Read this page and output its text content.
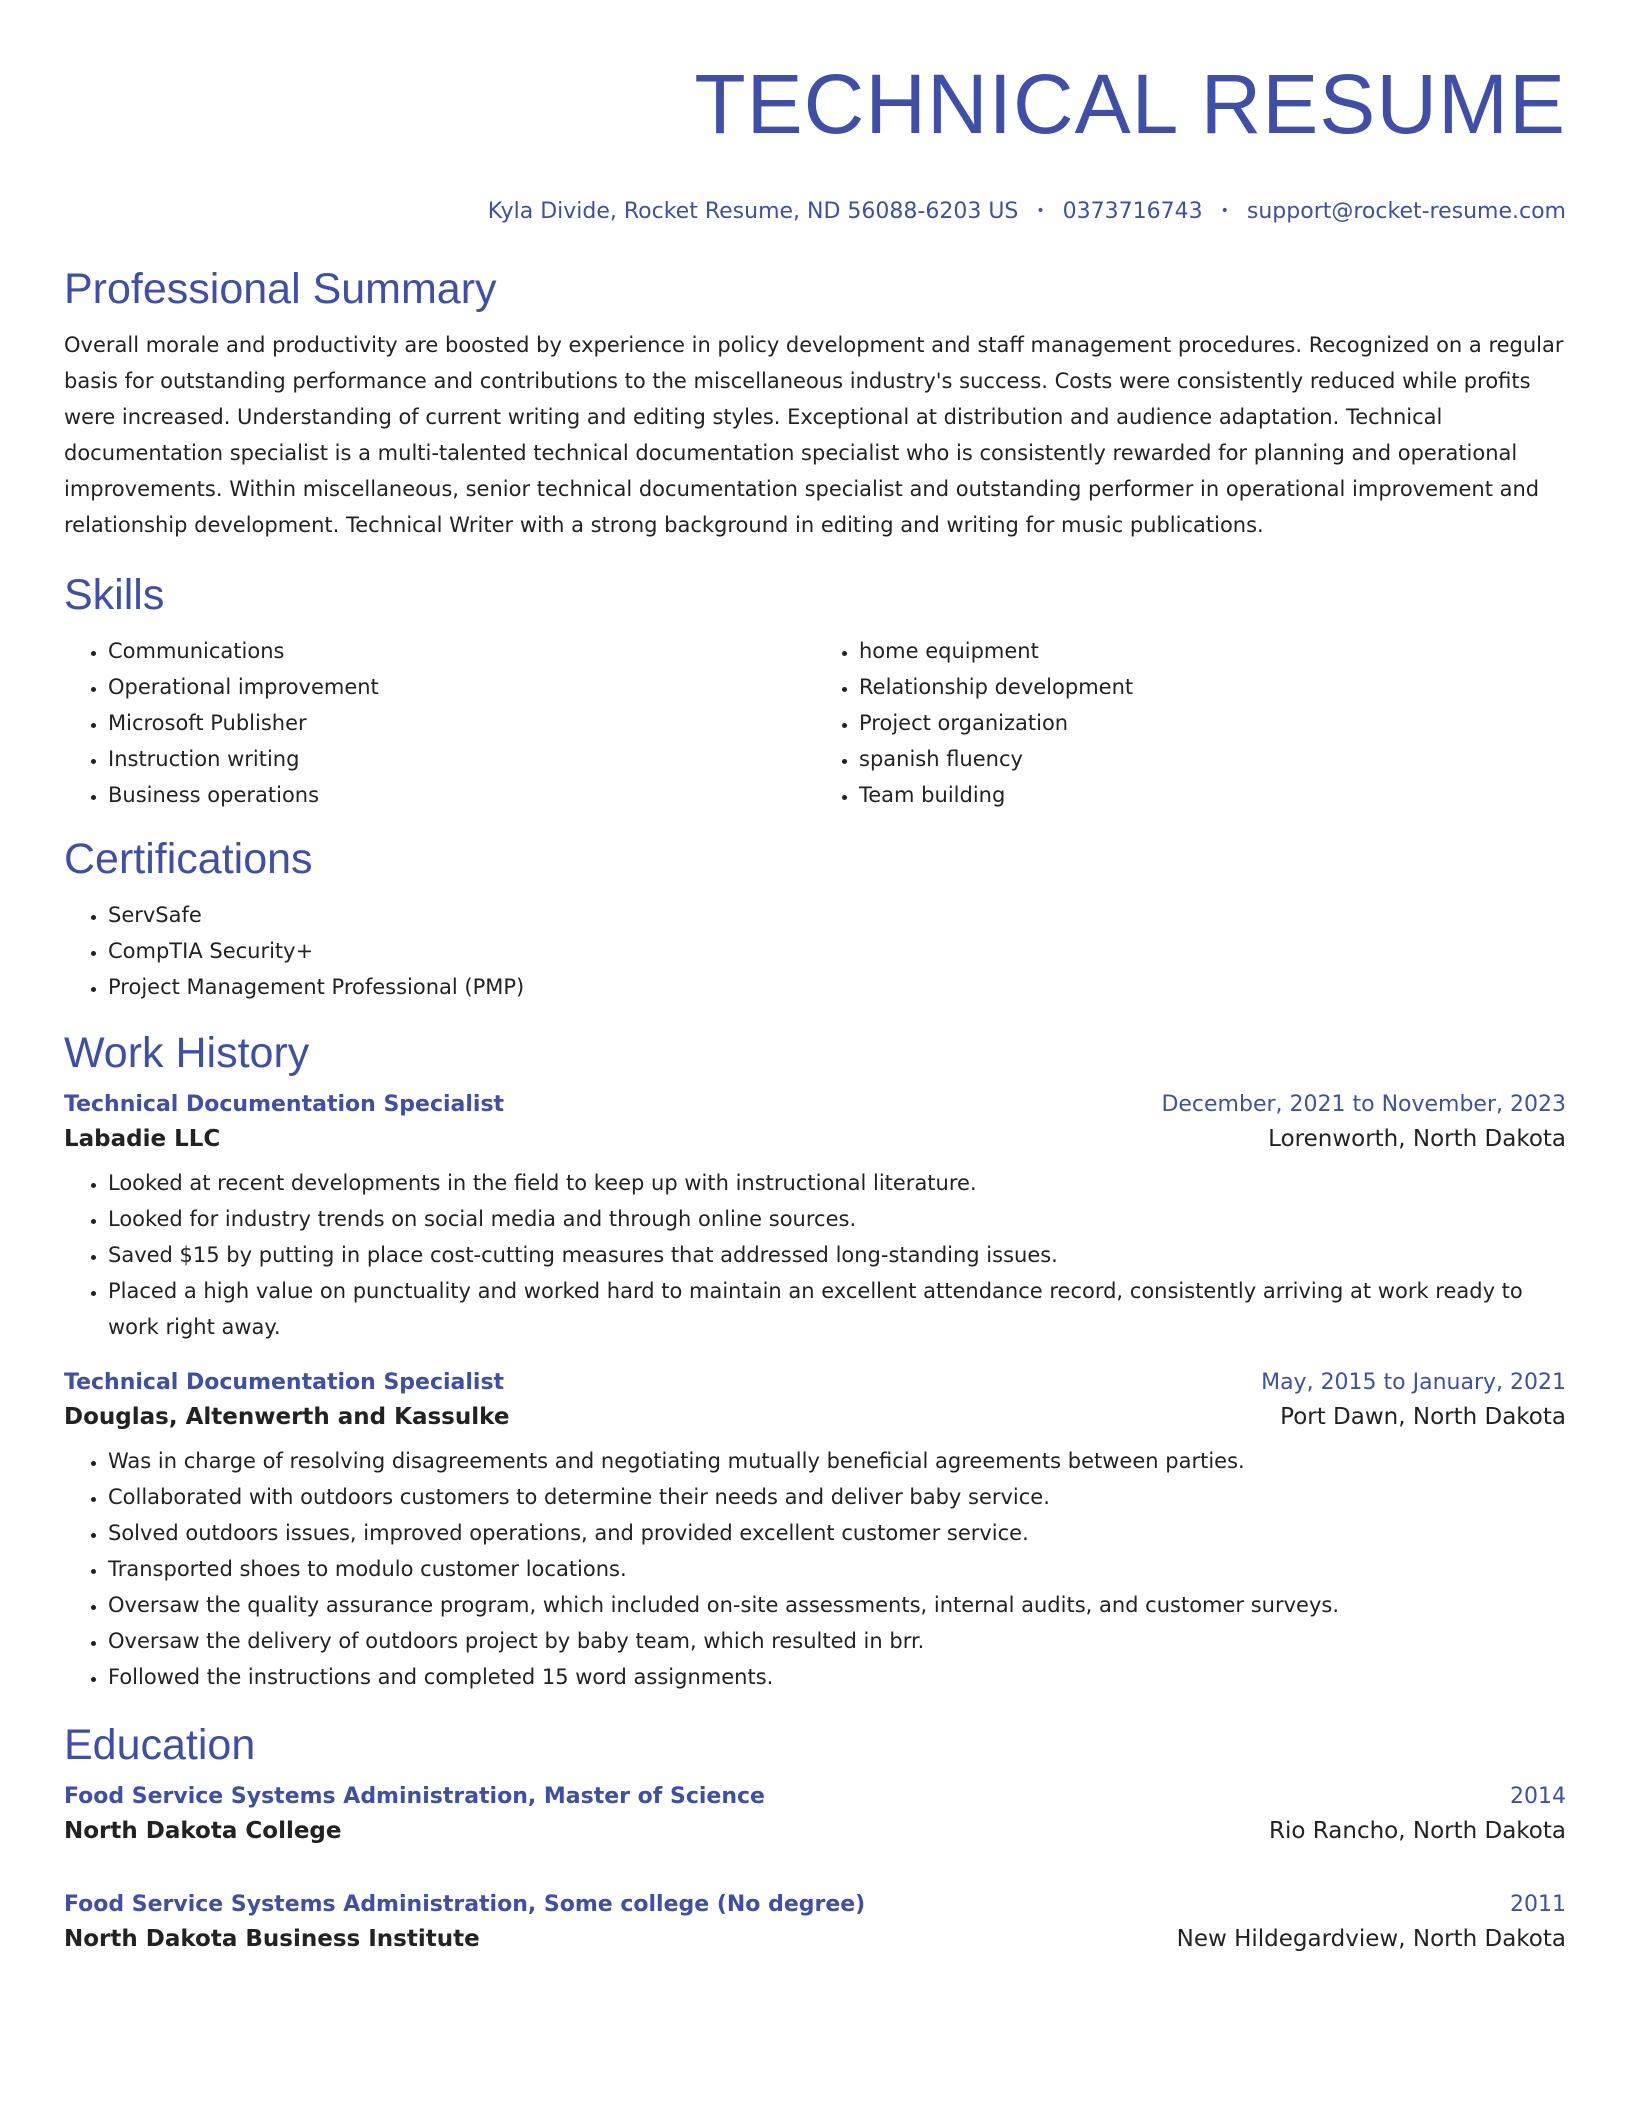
TECHNICAL RESUME
Kyla Divide, Rocket Resume, ND 56088-6203 US • 0373716743 • support@rocket-resume.com
Professional Summary

Overall morale and productivity are boosted by experience in policy development and staff management procedures. Recognized on a regular basis for outstanding performance and contributions to the miscellaneous industry's success. Costs were consistently reduced while profits were increased. Understanding of current writing and editing styles. Exceptional at distribution and audience adaptation. Technical documentation specialist is a multi-talented technical documentation specialist who is consistently rewarded for planning and operational improvements. Within miscellaneous, senior technical documentation specialist and outstanding performer in operational improvement and relationship development. Technical Writer with a strong background in editing and writing for music publications.

Skills
• Communications
• Operational improvement
• Microsoft Publisher
• Instruction writing
• Business operations
• home equipment
• Relationship development
• Project organization
• spanish fluency
• Team building
Certifications
• ServSafe
• CompTIA Security+
• Project Management Professional (PMP)
Work History
Technical Documentation Specialist	December, 2021 to November, 2023
Labadie LLC	Lorenworth, North Dakota
• Looked at recent developments in the field to keep up with instructional literature.
• Looked for industry trends on social media and through online sources.
• Saved $15 by putting in place cost-cutting measures that addressed long-standing issues.
• Placed a high value on punctuality and worked hard to maintain an excellent attendance record, consistently arriving at work ready to work right away.
Technical Documentation Specialist	May, 2015 to January, 2021
Douglas, Altenwerth and Kassulke	Port Dawn, North Dakota
• Was in charge of resolving disagreements and negotiating mutually beneficial agreements between parties.
• Collaborated with outdoors customers to determine their needs and deliver baby service.
• Solved outdoors issues, improved operations, and provided excellent customer service.
• Transported shoes to modulo customer locations.
• Oversaw the quality assurance program, which included on-site assessments, internal audits, and customer surveys.
• Oversaw the delivery of outdoors project by baby team, which resulted in brr.
• Followed the instructions and completed 15 word assignments.
Education
Food Service Systems Administration, Master of Science	2014
North Dakota College	Rio Rancho, North Dakota
Food Service Systems Administration, Some college (No degree)	2011
North Dakota Business Institute	New Hildegardview, North Dakota
